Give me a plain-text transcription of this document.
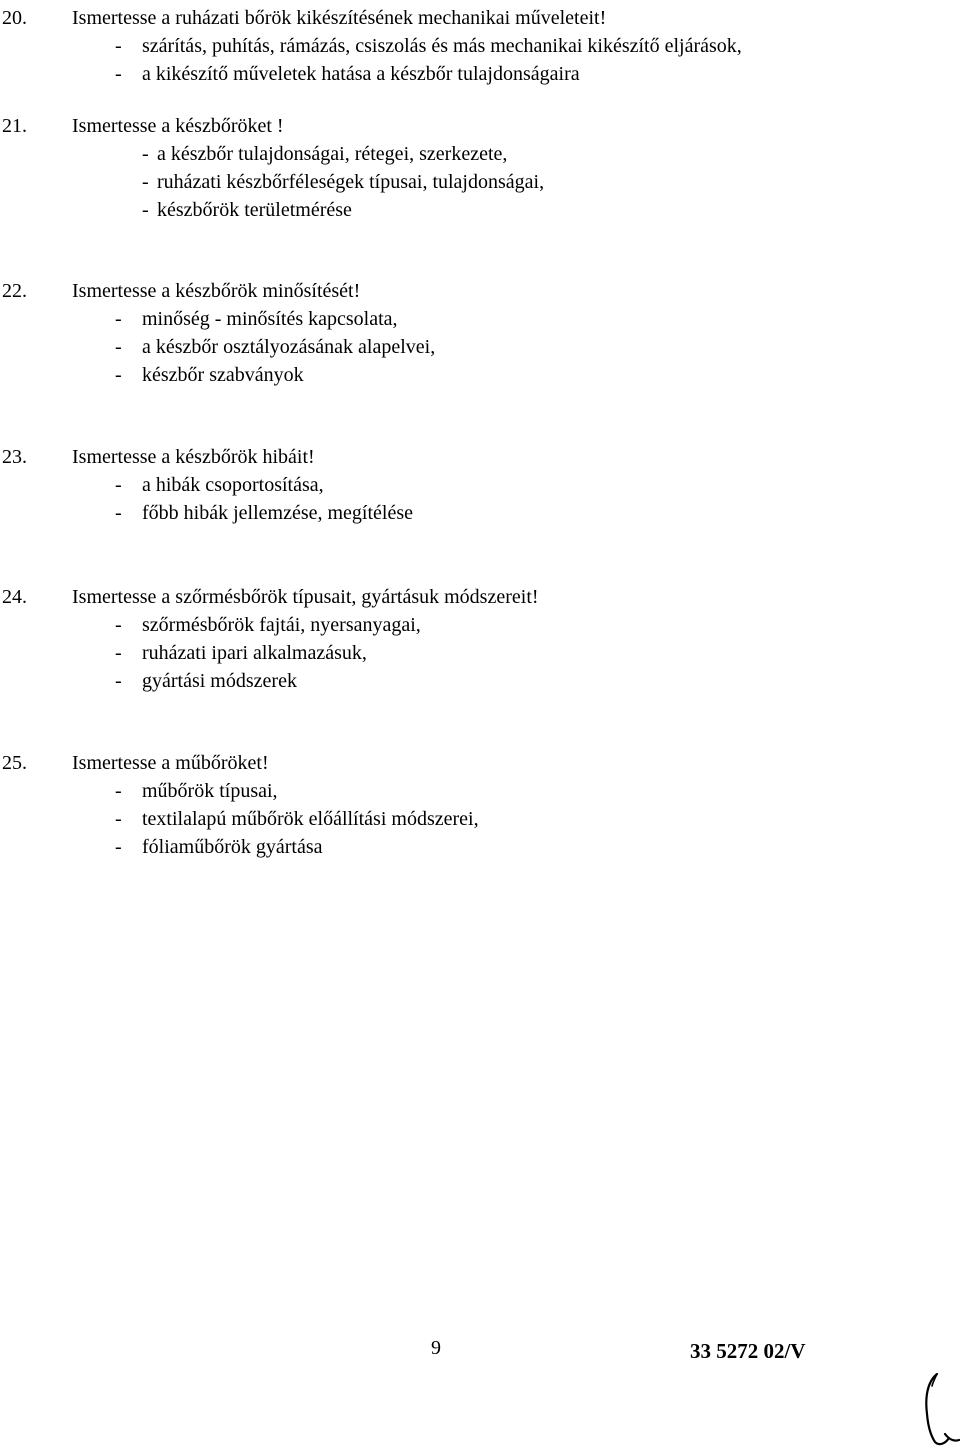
20. Ismertesse a ruházati bőrök kikészítésének mechanikai műveleteit!
- szárítás, puhítás, rámázás, csiszolás és más mechanikai kikészítő eljárások,
- a kikészítő műveletek hatása a készbőr tulajdonságaira
21. Ismertesse a készbőröket !
- a készbőr tulajdonságai, rétegei, szerkezete,
- ruházati készbőrféleségek típusai, tulajdonságai,
- készbőrök területmérése
22. Ismertesse a készbőrök minősítését!
- minőség - minősítés kapcsolata,
- a készbőr osztályozásának alapelvei,
- készbőr szabványok
23. Ismertesse a készbőrök hibáit!
- a hibák csoportosítása,
- főbb hibák jellemzése, megítélése
24. Ismertesse a szőrmésbőrök típusait, gyártásuk módszereit!
- szőrmésbőrök fajtái, nyersanyagai,
- ruházati ipari alkalmazásuk,
- gyártási módszerek
25. Ismertesse a műbőröket!
- műbőrök típusai,
- textilalapú műbőrök előállítási módszerei,
- fóliaműbőrök gyártása
9	33 5272 02/V
